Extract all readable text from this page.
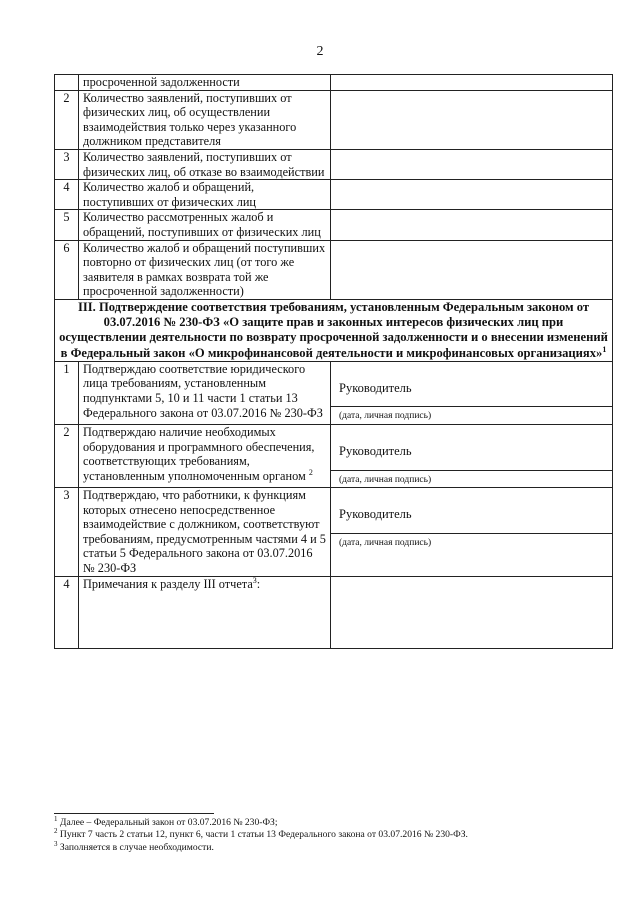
2
	просроченной задолженности	
2	Количество заявлений, поступивших от физических лиц, об осуществлении взаимодействия только через указанного должником представителя	
3	Количество заявлений, поступивших от физических лиц, об отказе во взаимодействии	
4	Количество жалоб и обращений, поступивших от физических лиц	
5	Количество рассмотренных жалоб и обращений, поступивших от физических лиц	
6	Количество жалоб и обращений поступивших повторно от физических лиц (от того же заявителя в рамках возврата той же просроченной задолженности)	
III. Подтверждение соответствия требованиям, установленным Федеральным законом от 03.07.2016 № 230-ФЗ «О защите прав и законных интересов физических лиц при осуществлении деятельности по возврату просроченной задолженности и о внесении изменений в Федеральный закон «О микрофинансовой деятельности и микрофинансовых организациях»$^1$
1	Подтверждаю соответствие юридического лица требованиям, установленным подпунктами 5, 10 и 11 части 1 статьи 13 Федерального закона от 03.07.2016 № 230-ФЗ	Руководитель
(дата, личная подпись)

2	Подтверждаю наличие необходимых оборудования и программного обеспечения, соответствующих требованиям, установленным уполномоченным органом $^2$	Руководитель
(дата, личная подпись)

3	Подтверждаю, что работники, к функциям которых отнесено непосредственное взаимодействие с должником, соответствуют требованиям, предусмотренным частями 4 и 5 статьи 5 Федерального закона от 03.07.2016 № 230-ФЗ	Руководитель
(дата, личная подпись)

4	Примечания к разделу III отчета$^3$:	
$^1$ Далее – Федеральный закон от 03.07.2016 № 230-ФЗ;
$^2$ Пункт 7 часть 2 статьи 12, пункт 6, части 1 статьи 13 Федерального закона от 03.07.2016 № 230-ФЗ.
$^3$ Заполняется в случае необходимости.
